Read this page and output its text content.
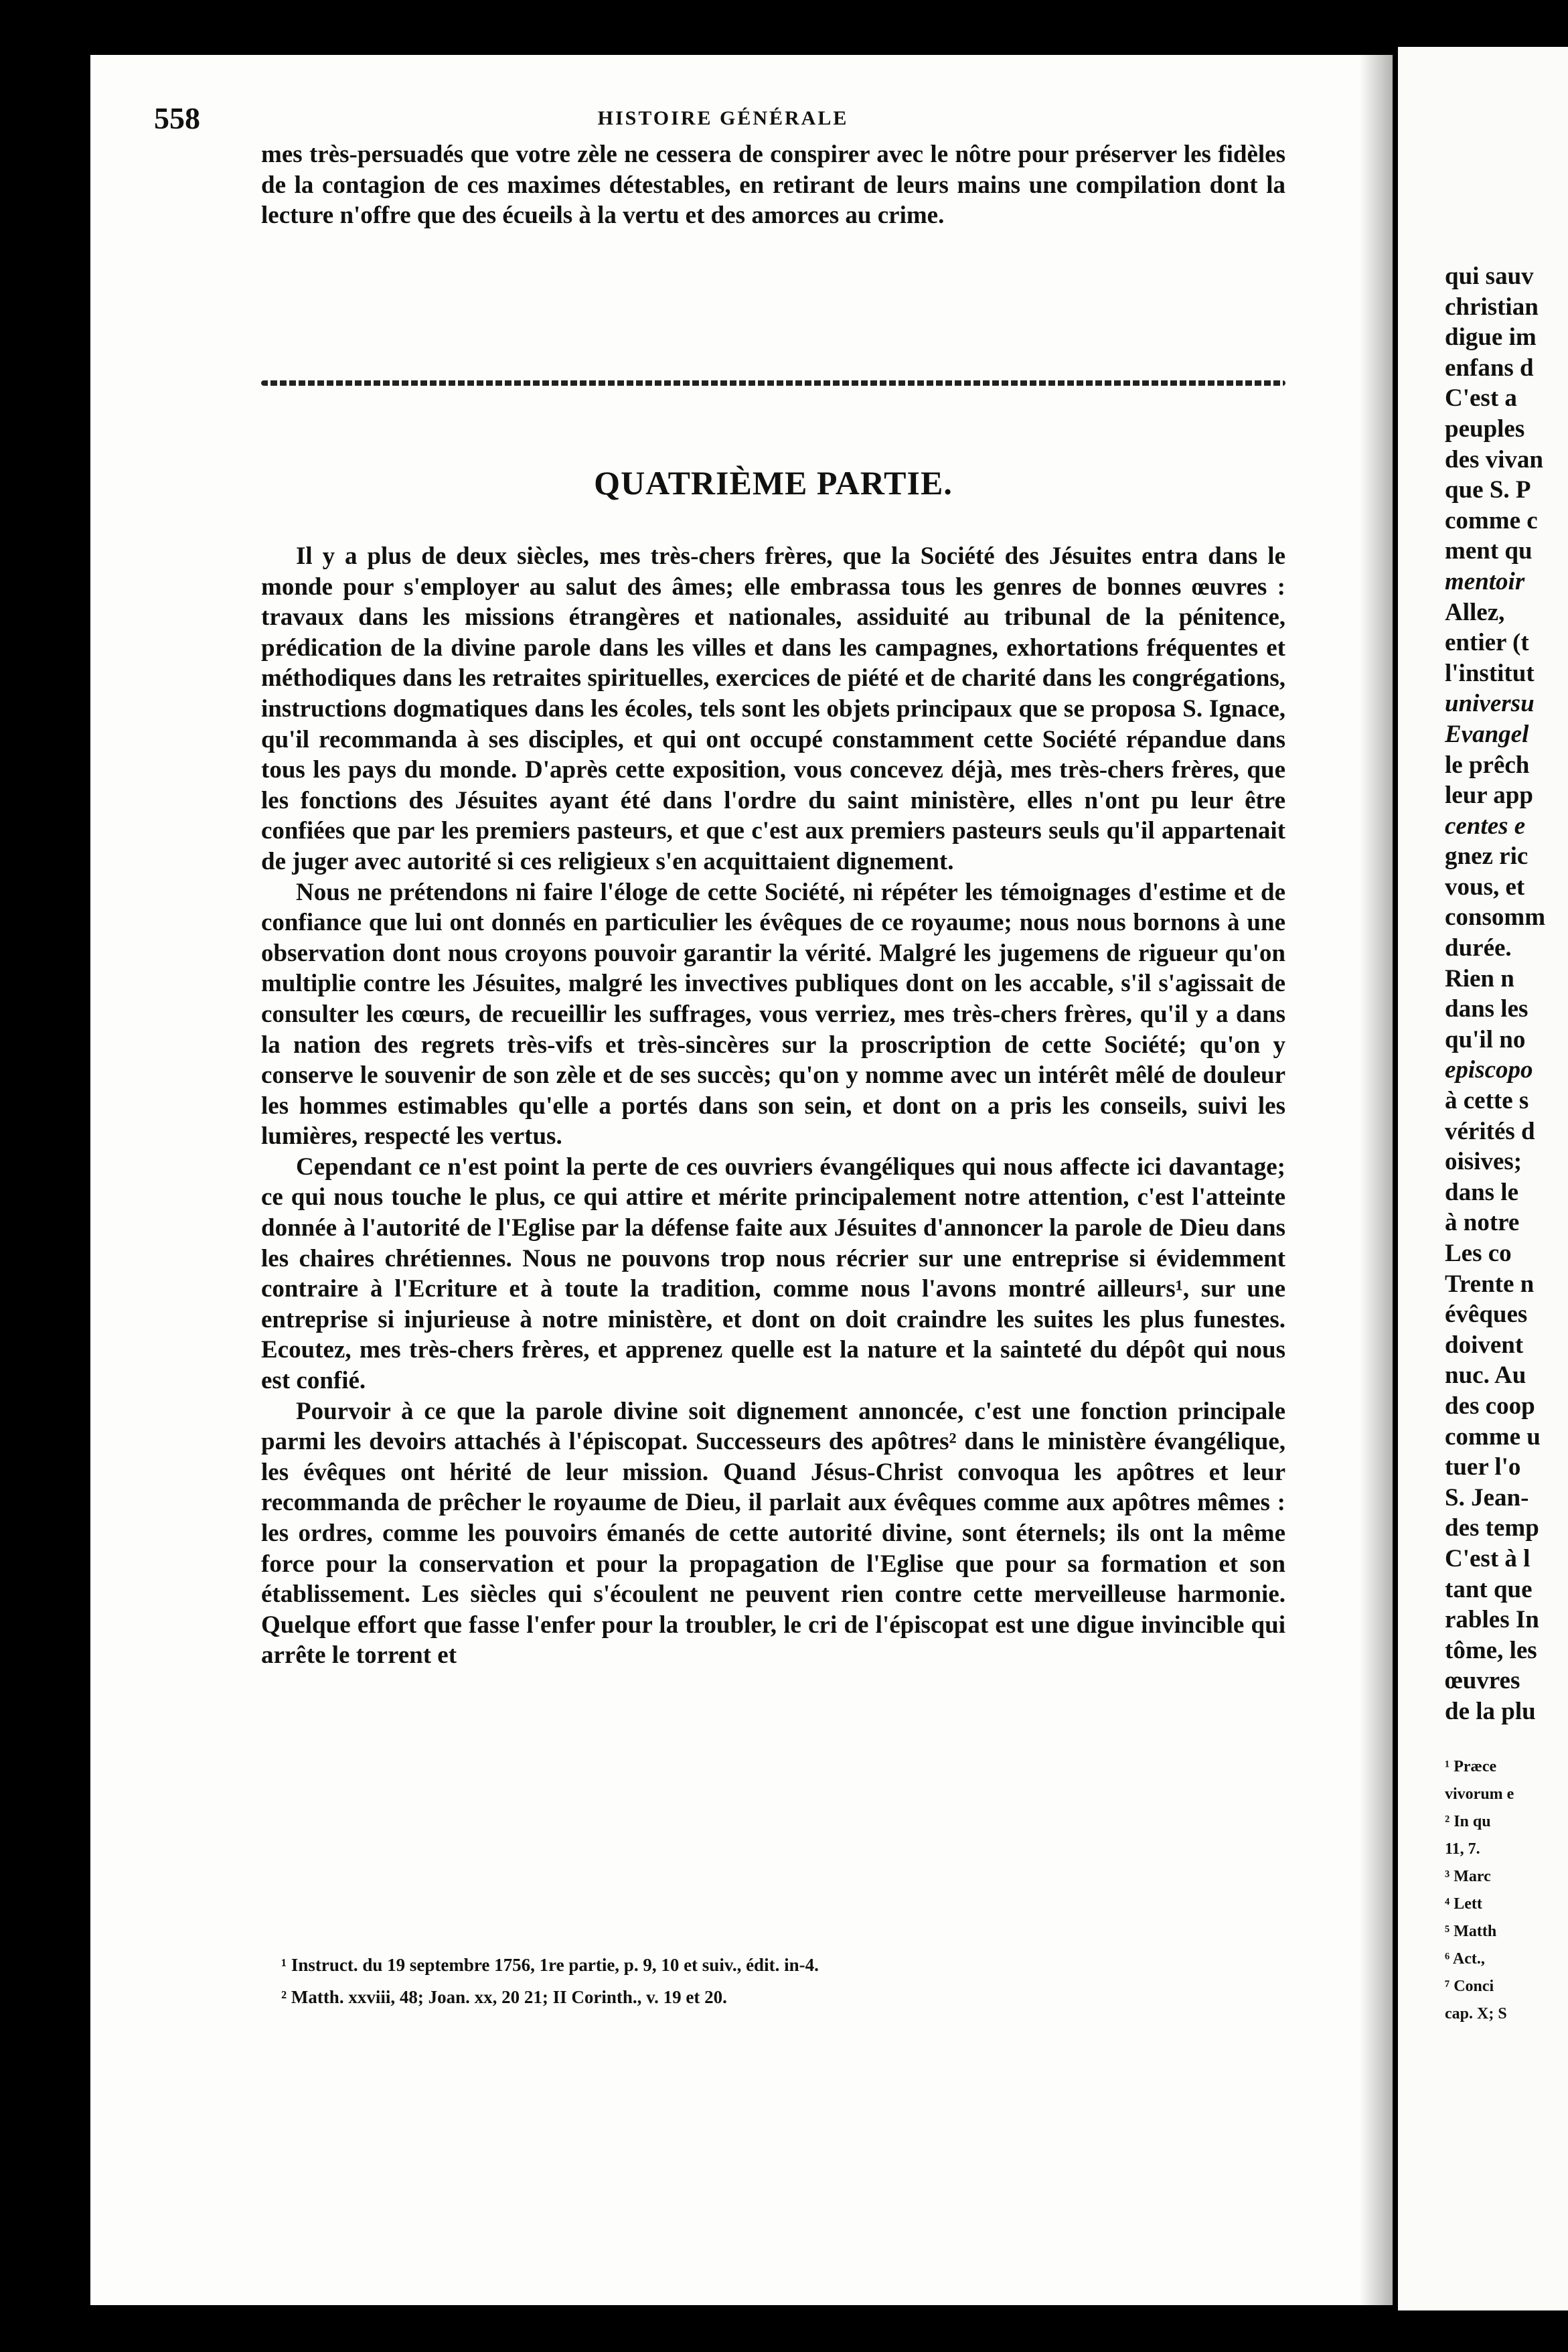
qui sauv
christian
digue im
enfans d
C'est a
peuples
des vivan
que S. P
comme c
ment qu
mentoir
Allez,
entier (t
l'institut
universu
Evangel
le prêch
leur app
centes e
gnez ric
vous, et
consomm
durée.
Rien n
dans les
qu'il no
episcopo
à cette s
vérités d
oisives;
dans le
à notre
Les co
Trente n
évêques
doivent
nuc. Au
des coop
comme u
tuer l'o
S. Jean-
des temp
C'est à l
tant que
rables In
tôme, les
œuvres
de la plu
¹ Præce
vivorum e
² In qu
11, 7.
³ Marc
⁴ Lett
⁵ Matth
⁶ Act.,
⁷ Conci
cap. X; S
558	HISTOIRE GÉNÉRALE

mes très-persuadés que votre zèle ne cessera de conspirer avec le nôtre pour préserver les fidèles de la contagion de ces maximes détestables, en retirant de leurs mains une compilation dont la lecture n'offre que des écueils à la vertu et des amorces au crime.

QUATRIÈME PARTIE.

Il y a plus de deux siècles, mes très-chers frères, que la Société des Jésuites entra dans le monde pour s'employer au salut des âmes; elle embrassa tous les genres de bonnes œuvres : travaux dans les missions étrangères et nationales, assiduité au tribunal de la pénitence, prédication de la divine parole dans les villes et dans les campagnes, exhortations fréquentes et méthodiques dans les retraites spirituelles, exercices de piété et de charité dans les congrégations, instructions dogmatiques dans les écoles, tels sont les objets principaux que se proposa S. Ignace, qu'il recommanda à ses disciples, et qui ont occupé constamment cette Société répandue dans tous les pays du monde. D'après cette exposition, vous concevez déjà, mes très-chers frères, que les fonctions des Jésuites ayant été dans l'ordre du saint ministère, elles n'ont pu leur être confiées que par les premiers pasteurs, et que c'est aux premiers pasteurs seuls qu'il appartenait de juger avec autorité si ces religieux s'en acquittaient dignement.

Nous ne prétendons ni faire l'éloge de cette Société, ni répéter les témoignages d'estime et de confiance que lui ont donnés en particulier les évêques de ce royaume; nous nous bornons à une observation dont nous croyons pouvoir garantir la vérité. Malgré les jugemens de rigueur qu'on multiplie contre les Jésuites, malgré les invectives publiques dont on les accable, s'il s'agissait de consulter les cœurs, de recueillir les suffrages, vous verriez, mes très-chers frères, qu'il y a dans la nation des regrets très-vifs et très-sincères sur la proscription de cette Société; qu'on y conserve le souvenir de son zèle et de ses succès; qu'on y nomme avec un intérêt mêlé de douleur les hommes estimables qu'elle a portés dans son sein, et dont on a pris les conseils, suivi les lumières, respecté les vertus.

Cependant ce n'est point la perte de ces ouvriers évangéliques qui nous affecte ici davantage; ce qui nous touche le plus, ce qui attire et mérite principalement notre attention, c'est l'atteinte donnée à l'autorité de l'Eglise par la défense faite aux Jésuites d'annoncer la parole de Dieu dans les chaires chrétiennes. Nous ne pouvons trop nous récrier sur une entreprise si évidemment contraire à l'Ecriture et à toute la tradition, comme nous l'avons montré ailleurs¹, sur une entreprise si injurieuse à notre ministère, et dont on doit craindre les suites les plus funestes. Ecoutez, mes très-chers frères, et apprenez quelle est la nature et la sainteté du dépôt qui nous est confié.

Pourvoir à ce que la parole divine soit dignement annoncée, c'est une fonction principale parmi les devoirs attachés à l'épiscopat. Successeurs des apôtres² dans le ministère évangélique, les évêques ont hérité de leur mission. Quand Jésus-Christ convoqua les apôtres et leur recommanda de prêcher le royaume de Dieu, il parlait aux évêques comme aux apôtres mêmes : les ordres, comme les pouvoirs émanés de cette autorité divine, sont éternels; ils ont la même force pour la conservation et pour la propagation de l'Eglise que pour sa formation et son établissement. Les siècles qui s'écoulent ne peuvent rien contre cette merveilleuse harmonie. Quelque effort que fasse l'enfer pour la troubler, le cri de l'épiscopat est une digue invincible qui arrête le torrent et

¹ Instruct. du 19 septembre 1756, 1re partie, p. 9, 10 et suiv., édit. in-4.
² Matth. xxviii, 48; Joan. xx, 20 21; II Corinth., v. 19 et 20.
